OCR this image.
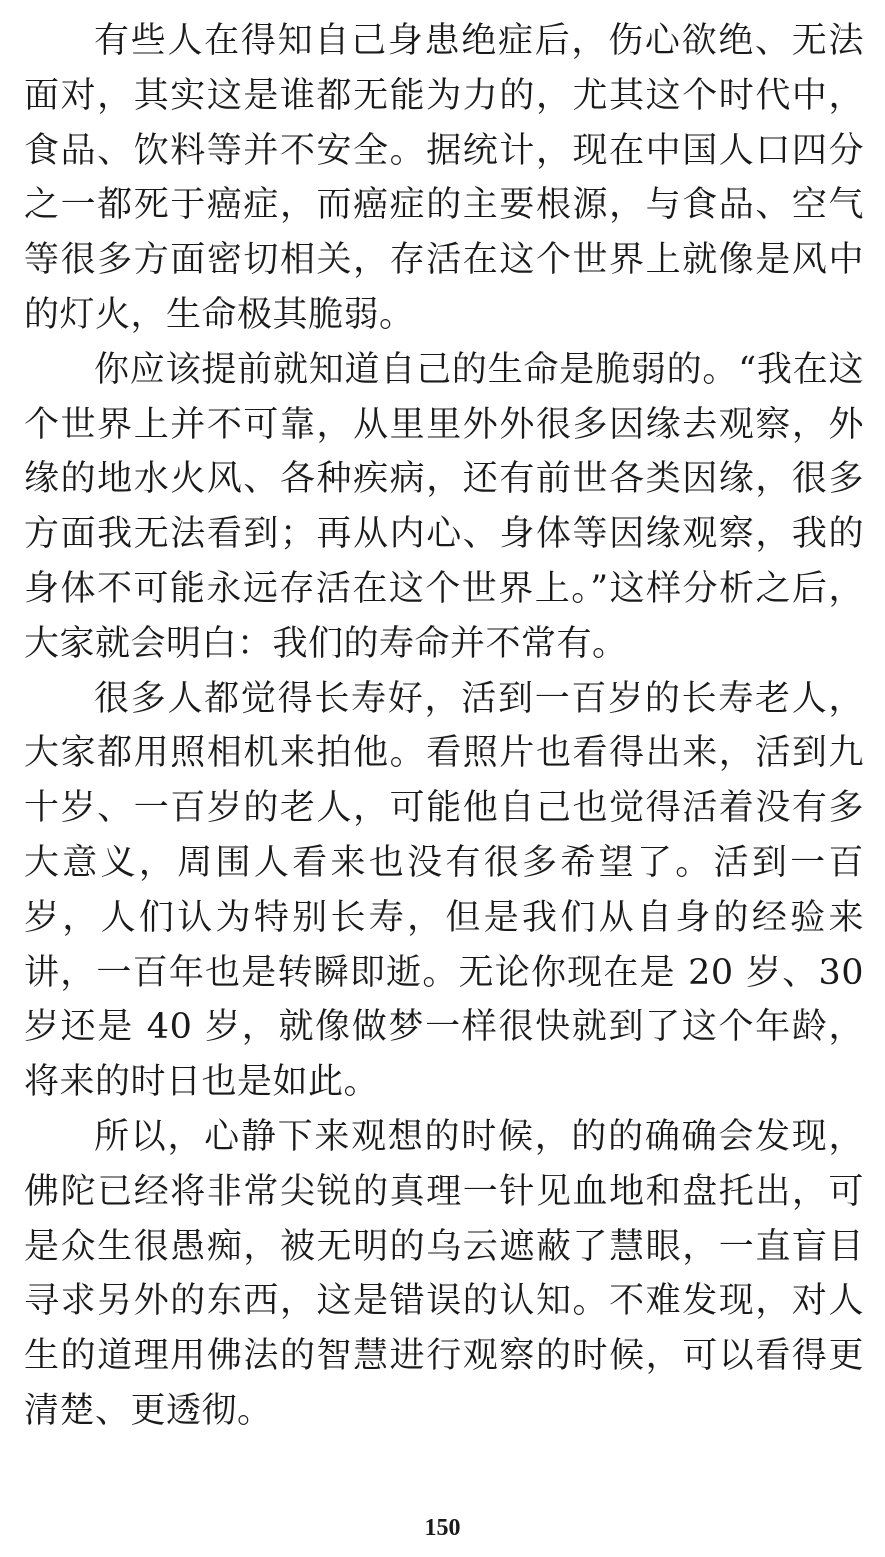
有些人在得知自己身患绝症后，伤心欲绝、无法面对，其实这是谁都无能为力的，尤其这个时代中，食品、饮料等并不安全。据统计，现在中国人口四分之一都死于癌症，而癌症的主要根源，与食品、空气等很多方面密切相关，存活在这个世界上就像是风中的灯火，生命极其脆弱。

你应该提前就知道自己的生命是脆弱的。“我在这个世界上并不可靠，从里里外外很多因缘去观察，外缘的地水火风、各种疾病，还有前世各类因缘，很多方面我无法看到；再从内心、身体等因缘观察，我的身体不可能永远存活在这个世界上。”这样分析之后，大家就会明白：我们的寿命并不常有。

很多人都觉得长寿好，活到一百岁的长寿老人，大家都用照相机来拍他。看照片也看得出来，活到九十岁、一百岁的老人，可能他自己也觉得活着没有多大意义，周围人看来也没有很多希望了。活到一百岁，人们认为特别长寿，但是我们从自身的经验来讲，一百年也是转瞬即逝。无论你现在是 20 岁、30 岁还是 40 岁，就像做梦一样很快就到了这个年龄，将来的时日也是如此。

所以，心静下来观想的时候，的的确确会发现，佛陀已经将非常尖锐的真理一针见血地和盘托出，可是众生很愚痴，被无明的乌云遮蔽了慧眼，一直盲目寻求另外的东西，这是错误的认知。不难发现，对人生的道理用佛法的智慧进行观察的时候，可以看得更清楚、更透彻。

150
